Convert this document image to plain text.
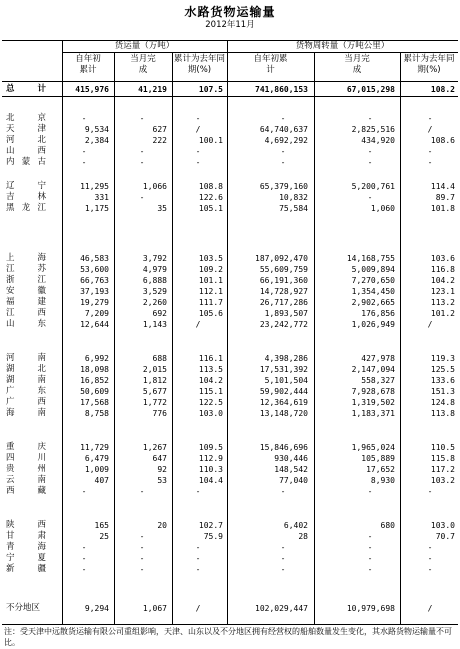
水路货物运输量
2012年11月
货运量（万吨）	货物周转量（万吨公里）
自年初累计
当月完成
累计为去年同期(%)
自年初累计
当月完成
累计为去年同期(%)
总	计	415,976	41,219	107.5	741,860,153	67,015,298	108.2
北	京	-	-	-	-	-	-
天	津	9,534	627	/	64,740,637	2,825,516	/
河	北	2,384	222	100.1	4,692,292	434,920	108.6
山	西	-	-	-	-	-	-
内 蒙 古	-	-	-	-	-	-
辽	宁	11,295	1,066	108.8	65,379,160	5,200,761	114.4
吉	林	331	-	122.6	10,832	-	89.7
黑 龙 江	1,175	35	105.1	75,584	1,060	101.8
上	海	46,583	3,792	103.5	187,092,470	14,168,755	103.6
江	苏	53,600	4,979	109.2	55,609,759	5,009,894	116.8
浙	江	66,763	6,888	101.1	66,191,360	7,270,650	104.2
安	徽	37,193	3,529	112.1	14,728,927	1,354,450	123.1
福	建	19,279	2,260	111.7	26,717,286	2,902,665	113.2
江	西	7,209	692	105.6	1,893,507	176,856	101.2
山	东	12,644	1,143	/	23,242,772	1,026,949	/
河	南	6,992	688	116.1	4,398,286	427,978	119.3
湖	北	18,098	2,015	113.5	17,531,392	2,147,094	125.5
湖	南	16,852	1,812	104.2	5,101,504	558,327	133.6
广	东	50,609	5,677	115.1	59,902,444	7,928,678	151.3
广	西	17,568	1,772	122.5	12,364,619	1,319,502	124.8
海	南	8,758	776	103.0	13,148,720	1,183,371	113.8
重	庆	11,729	1,267	109.5	15,846,696	1,965,024	110.5
四	川	6,479	647	112.9	930,446	105,889	115.8
贵	州	1,009	92	110.3	148,542	17,652	117.2
云	南	407	53	104.4	77,040	8,930	103.2
西	藏	-	-	-	-	-	-
陕	西	165	20	102.7	6,402	680	103.0
甘	肃	25	-	75.9	28	-	70.7
青	海	-	-	-	-	-	-
宁	夏	-	-	-	-	-	-
新	疆	-	-	-	-	-	-
不分地区	9,294	1,067	/	102,029,447	10,979,698	/
注：受天津中远散货运输有限公司重组影响，天津、山东以及不分地区拥有经营权的船舶数量发生变化，其水路货物运输量不可比。
